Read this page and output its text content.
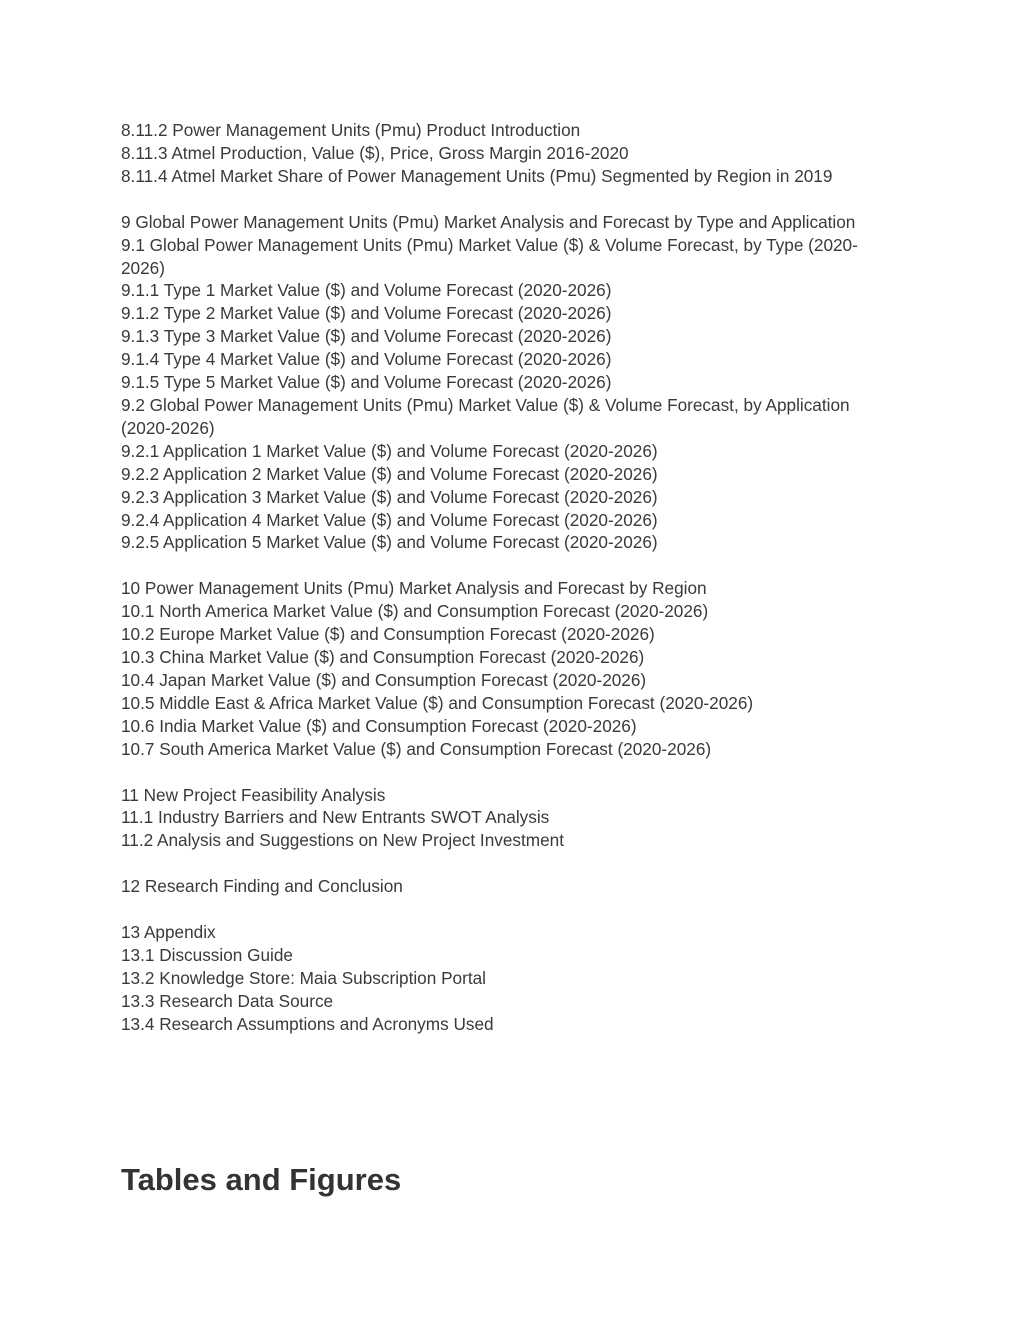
8.11.2 Power Management Units (Pmu) Product Introduction
8.11.3 Atmel Production, Value ($), Price, Gross Margin 2016-2020
8.11.4 Atmel Market Share of Power Management Units (Pmu) Segmented by Region in 2019
9 Global Power Management Units (Pmu) Market Analysis and Forecast by Type and Application
9.1 Global Power Management Units (Pmu) Market Value ($) & Volume Forecast, by Type (2020-2026)
9.1.1 Type 1 Market Value ($) and Volume Forecast (2020-2026)
9.1.2 Type 2 Market Value ($) and Volume Forecast (2020-2026)
9.1.3 Type 3 Market Value ($) and Volume Forecast (2020-2026)
9.1.4 Type 4 Market Value ($) and Volume Forecast (2020-2026)
9.1.5 Type 5 Market Value ($) and Volume Forecast (2020-2026)
9.2 Global Power Management Units (Pmu) Market Value ($) & Volume Forecast, by Application (2020-2026)
9.2.1 Application 1 Market Value ($) and Volume Forecast (2020-2026)
9.2.2 Application 2 Market Value ($) and Volume Forecast (2020-2026)
9.2.3 Application 3 Market Value ($) and Volume Forecast (2020-2026)
9.2.4 Application 4 Market Value ($) and Volume Forecast (2020-2026)
9.2.5 Application 5 Market Value ($) and Volume Forecast (2020-2026)
10 Power Management Units (Pmu) Market Analysis and Forecast by Region
10.1 North America Market Value ($) and Consumption Forecast (2020-2026)
10.2 Europe Market Value ($) and Consumption Forecast (2020-2026)
10.3 China Market Value ($) and Consumption Forecast (2020-2026)
10.4 Japan Market Value ($) and Consumption Forecast (2020-2026)
10.5 Middle East & Africa Market Value ($) and Consumption Forecast (2020-2026)
10.6 India Market Value ($) and Consumption Forecast (2020-2026)
10.7 South America Market Value ($) and Consumption Forecast (2020-2026)
11 New Project Feasibility Analysis
11.1 Industry Barriers and New Entrants SWOT Analysis
11.2 Analysis and Suggestions on New Project Investment
12 Research Finding and Conclusion
13 Appendix
13.1 Discussion Guide
13.2 Knowledge Store: Maia Subscription Portal
13.3 Research Data Source
13.4 Research Assumptions and Acronyms Used
Tables and Figures
